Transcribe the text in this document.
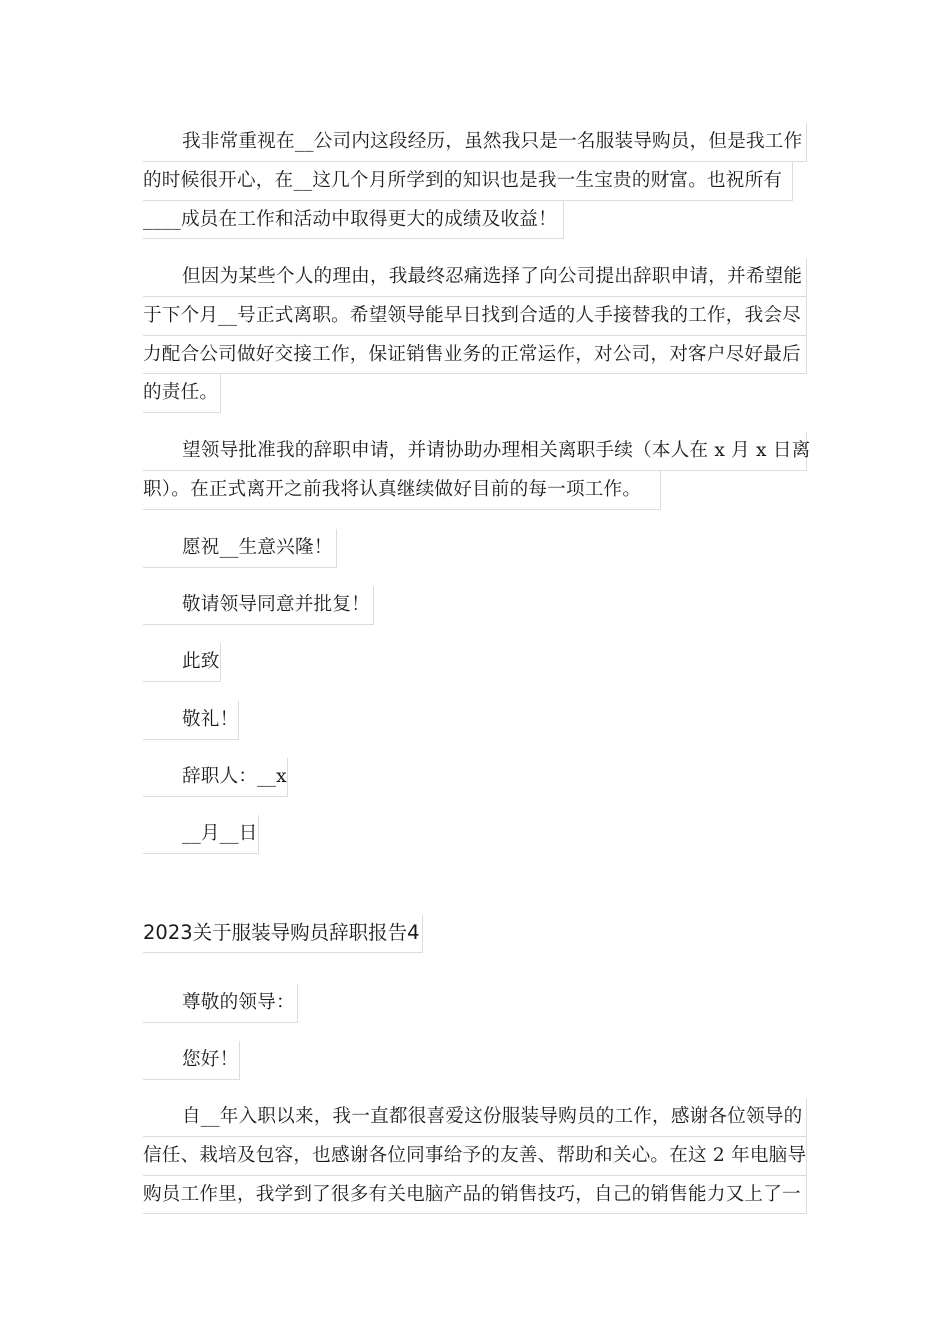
我非常重视在__公司内这段经历，虽然我只是一名服装导购员，但是我工作
的时候很开心，在__这几个月所学到的知识也是我一生宝贵的财富。也祝所有
____成员在工作和活动中取得更大的成绩及收益！
但因为某些个人的理由，我最终忍痛选择了向公司提出辞职申请，并希望能
于下个月__号正式离职。希望领导能早日找到合适的人手接替我的工作，我会尽
力配合公司做好交接工作，保证销售业务的正常运作，对公司，对客户尽好最后
的责任。
望领导批准我的辞职申请，并请协助办理相关离职手续（本人在 x 月 x 日离
职）。在正式离开之前我将认真继续做好目前的每一项工作。
愿祝__生意兴隆！
敬请领导同意并批复！
此致
敬礼！
辞职人：__x
__月__日
2023关于服装导购员辞职报告4
尊敬的领导：
您好！
自__年入职以来，我一直都很喜爱这份服装导购员的工作，感谢各位领导的
信任、栽培及包容，也感谢各位同事给予的友善、帮助和关心。在这 2 年电脑导
购员工作里，我学到了很多有关电脑产品的销售技巧，自己的销售能力又上了一
